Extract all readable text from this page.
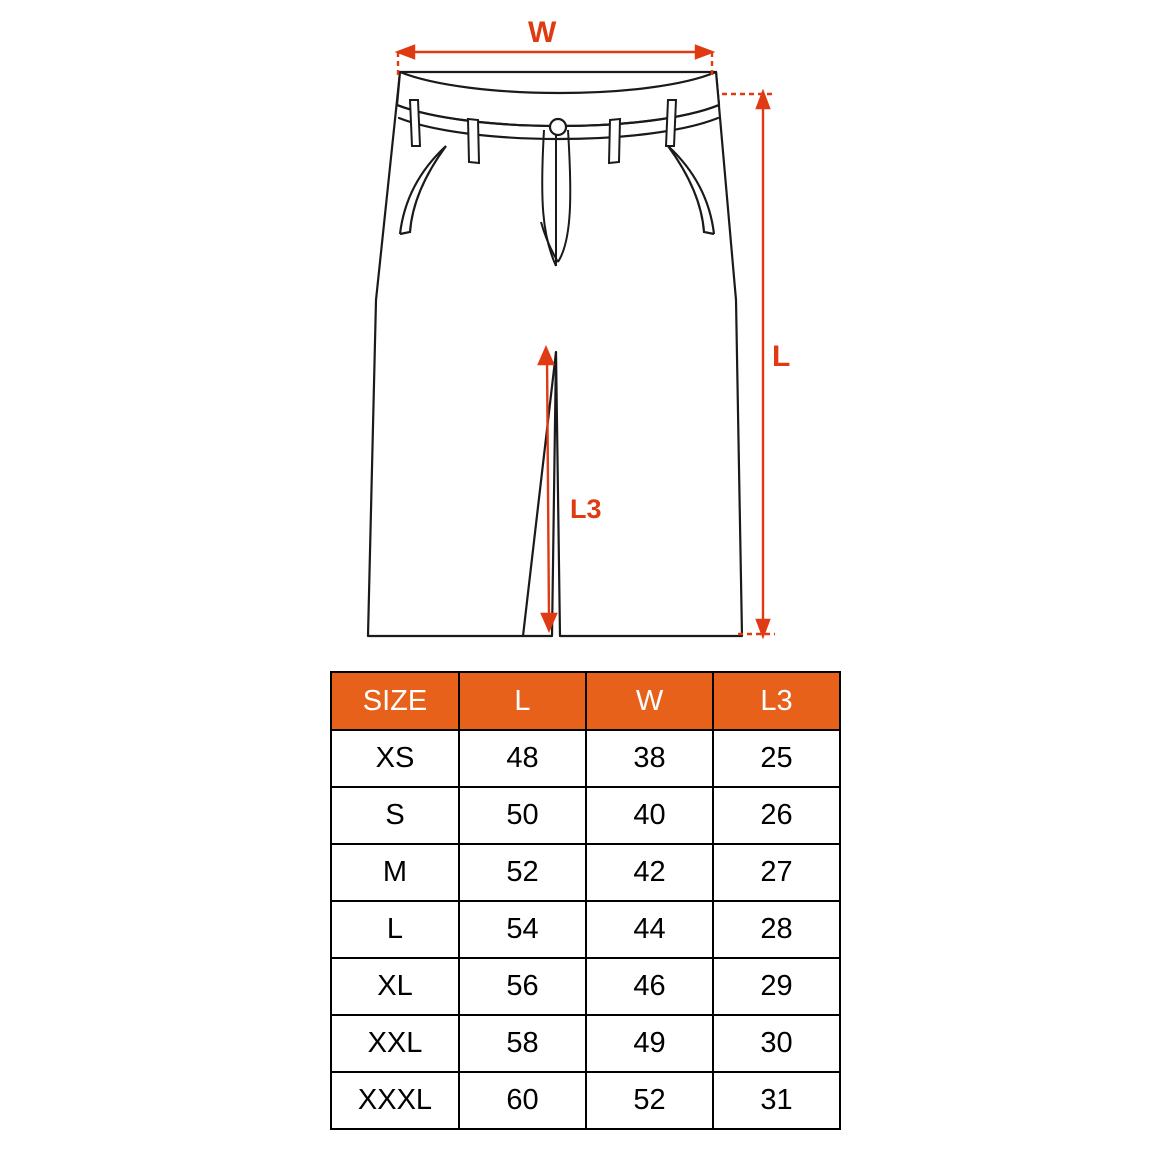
W
L
L3
SIZE	L	W	L3
XS	48	38	25
S	50	40	26
M	52	42	27
L	54	44	28
XL	56	46	29
XXL	58	49	30
XXXL	60	52	31
